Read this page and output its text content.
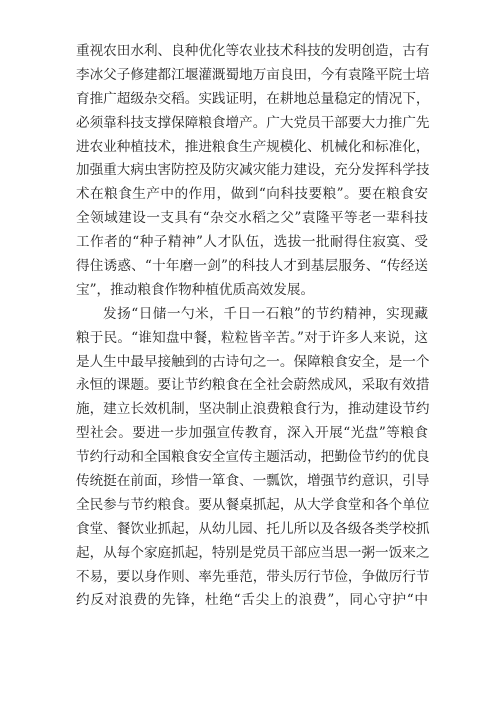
重视农田水利、良种优化等农业技术科技的发明创造，古有
李冰父子修建都江堰灌溉蜀地万亩良田，今有袁隆平院士培
育推广超级杂交稻。实践证明，在耕地总量稳定的情况下，
必须靠科技支撑保障粮食增产。广大党员干部要大力推广先
进农业种植技术，推进粮食生产规模化、机械化和标准化，
加强重大病虫害防控及防灾减灾能力建设，充分发挥科学技
术在粮食生产中的作用，做到“向科技要粮”。要在粮食安
全领域建设一支具有“杂交水稻之父”袁隆平等老一辈科技
工作者的“种子精神”人才队伍，选拔一批耐得住寂寞、受
得住诱惑、“十年磨一剑”的科技人才到基层服务、“传经送
宝”，推动粮食作物种植优质高效发展。
发扬“日储一勺米，千日一石粮”的节约精神，实现藏
粮于民。“谁知盘中餐，粒粒皆辛苦。”对于许多人来说，这
是人生中最早接触到的古诗句之一。保障粮食安全，是一个
永恒的课题。要让节约粮食在全社会蔚然成风，采取有效措
施，建立长效机制，坚决制止浪费粮食行为，推动建设节约
型社会。要进一步加强宣传教育，深入开展“光盘”等粮食
节约行动和全国粮食安全宣传主题活动，把勤俭节约的优良
传统挺在前面，珍惜一箪食、一瓢饮，增强节约意识，引导
全民参与节约粮食。要从餐桌抓起，从大学食堂和各个单位
食堂、餐饮业抓起，从幼儿园、托儿所以及各级各类学校抓
起，从每个家庭抓起，特别是党员干部应当思一粥一饭来之
不易，要以身作则、率先垂范，带头厉行节俭，争做厉行节
约反对浪费的先锋，杜绝“舌尖上的浪费”，同心守护“中
